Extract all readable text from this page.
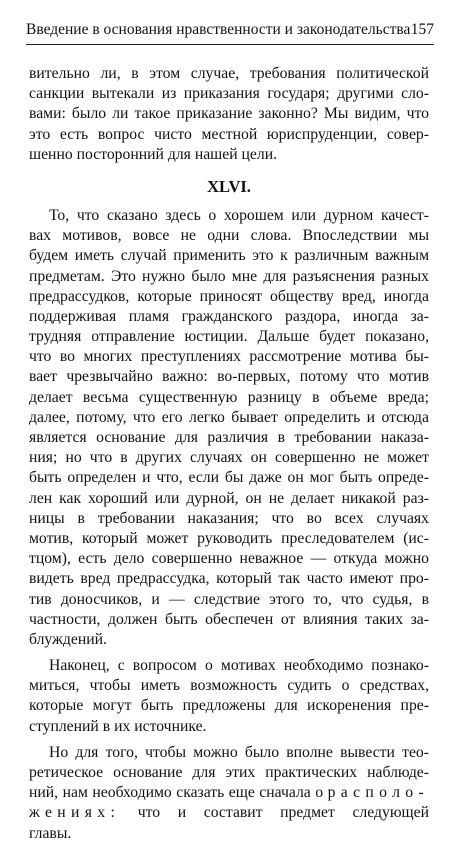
Введение в основания нравственности и законодательства 157
вительно ли, в этом случае, требования политической
санкции вытекали из приказания государя; другими сло-
вами: было ли такое приказание законно? Мы видим, что
это есть вопрос чисто местной юриспруденции, совер-
шенно посторонний для нашей цели.
XLVI.
То, что сказано здесь о хорошем или дурном качест-
вах мотивов, вовсе не одни слова. Впоследствии мы
будем иметь случай применить это к различным важным
предметам. Это нужно было мне для разъяснения разных
предрассудков, которые приносят обществу вред, иногда
поддерживая пламя гражданского раздора, иногда за-
трудняя отправление юстиции. Дальше будет показано,
что во многих преступлениях рассмотрение мотива бы-
вает чрезвычайно важно: во-первых, потому что мотив
делает весьма существенную разницу в объеме вреда;
далее, потому, что его легко бывает определить и отсюда
является основание для различия в требовании наказа-
ния; но что в других случаях он совершенно не может
быть определен и что, если бы даже он мог быть опреде-
лен как хороший или дурной, он не делает никакой раз-
ницы в требовании наказания; что во всех случаях
мотив, который может руководить преследователем (ис-
тцом), есть дело совершенно неважное — откуда можно
видеть вред предрассудка, который так часто имеют про-
тив доносчиков, и — следствие этого то, что судья, в
частности, должен быть обеспечен от влияния таких за-
блуждений.
Наконец, с вопросом о мотивах необходимо познако-
миться, чтобы иметь возможность судить о средствах,
которые могут быть предложены для искоренения пре-
ступлений в их источнике.
Но для того, чтобы можно было вполне вывести тео-
ретическое основание для этих практических наблюде-
ний, нам необходимо сказать еще сначала о располо-
жениях: что и составит предмет следующей
главы.
